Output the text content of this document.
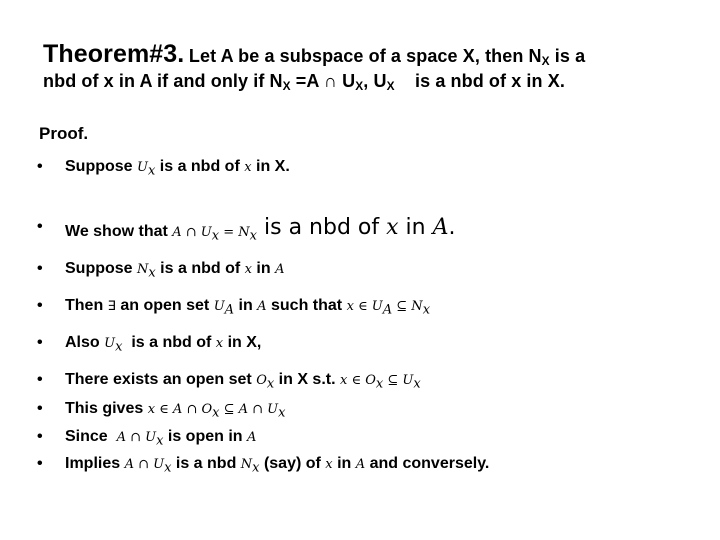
Theorem#3. Let A be a subspace of a space X, then $N_X$ is a
nbd of x in A if and only if $N_X =A$ ∩ $U_X$, $U_X$    is a nbd of x in X.
Proof.
• Suppose $U_x$ is a nbd of x in X.
• We show that A ∩ $U_x = N_x$ is a nbd of x in A.
• Suppose $N_x$ is a nbd of x in A
• Then ∃ an open set $U_A$ in A such that x ∈ $U_A$ ⊆ $N_x$
• Also $U_x$  is a nbd of x in X,
• There exists an open set $O_x$ in X s.t. x ∈ $O_x$ ⊆ $U_x$
• This gives x ∈ A ∩ $O_x$ ⊆ A ∩ $U_x$
• Since  A ∩ $U_x$ is open in A
• Implies A ∩ $U_x$ is a nbd $N_x$ (say) of x in A and conversely.
